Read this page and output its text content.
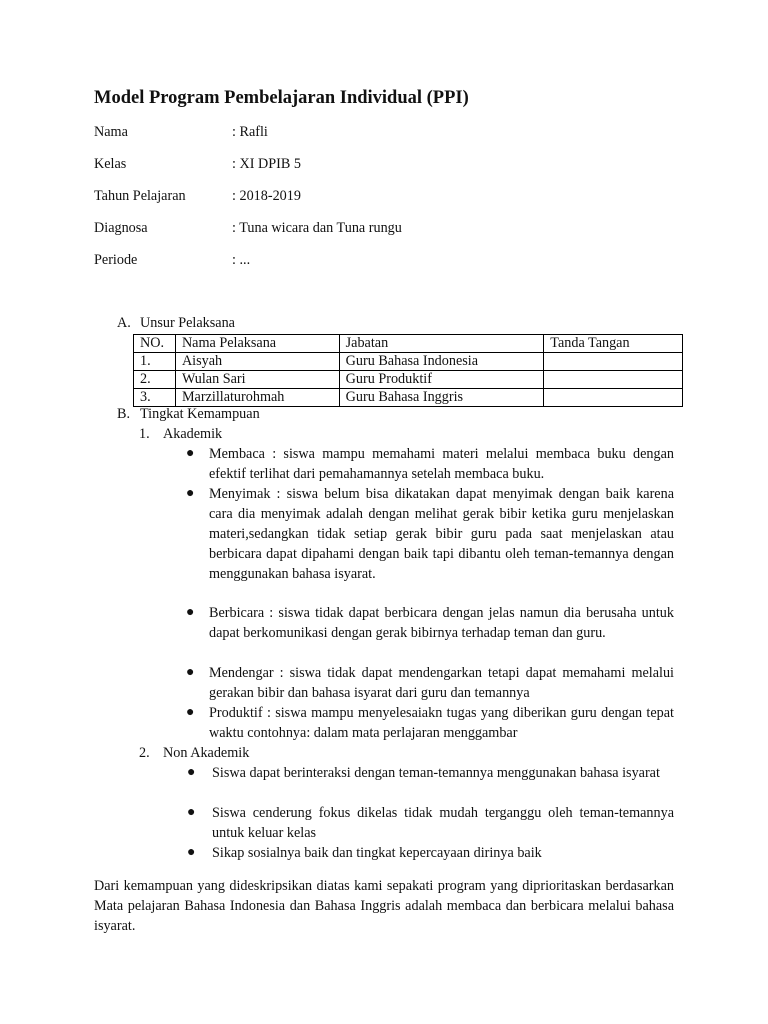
Model Program Pembelajaran Individual (PPI)
Nama	: Rafli
Kelas	: XI DPIB 5
Tahun Pelajaran	: 2018-2019
Diagnosa	: Tuna wicara dan Tuna rungu
Periode	: ...
A. Unsur Pelaksana
NO.	Nama Pelaksana	Jabatan	Tanda Tangan
1.	Aisyah	Guru Bahasa Indonesia	
2.	Wulan Sari	Guru Produktif	
3.	Marzillaturohmah	Guru Bahasa Inggris	
B. Tingkat Kemampuan
1. Akademik
● Membaca : siswa mampu memahami materi melalui membaca buku dengan efektif terlihat dari pemahamannya setelah membaca buku.
● Menyimak : siswa belum bisa dikatakan dapat menyimak dengan baik karena cara dia menyimak adalah dengan melihat gerak bibir ketika guru menjelaskan materi,sedangkan tidak setiap gerak bibir guru pada saat menjelaskan atau berbicara dapat dipahami dengan baik tapi dibantu oleh teman-temannya dengan menggunakan bahasa isyarat.
● Berbicara : siswa tidak dapat berbicara dengan jelas namun dia berusaha untuk dapat berkomunikasi dengan gerak bibirnya terhadap teman dan guru.
● Mendengar : siswa tidak dapat mendengarkan tetapi dapat memahami melalui gerakan bibir dan bahasa isyarat dari guru dan temannya
● Produktif : siswa mampu menyelesaiakn tugas yang diberikan guru dengan tepat waktu contohnya: dalam mata perlajaran menggambar
2. Non Akademik
● Siswa dapat berinteraksi dengan teman-temannya menggunakan bahasa isyarat
● Siswa cenderung fokus dikelas tidak mudah terganggu oleh teman-temannya untuk keluar kelas
● Sikap sosialnya baik dan tingkat kepercayaan dirinya baik
Dari kemampuan yang dideskripsikan diatas kami sepakati program yang diprioritaskan berdasarkan Mata pelajaran Bahasa Indonesia dan Bahasa Inggris adalah membaca dan berbicara melalui bahasa isyarat.
